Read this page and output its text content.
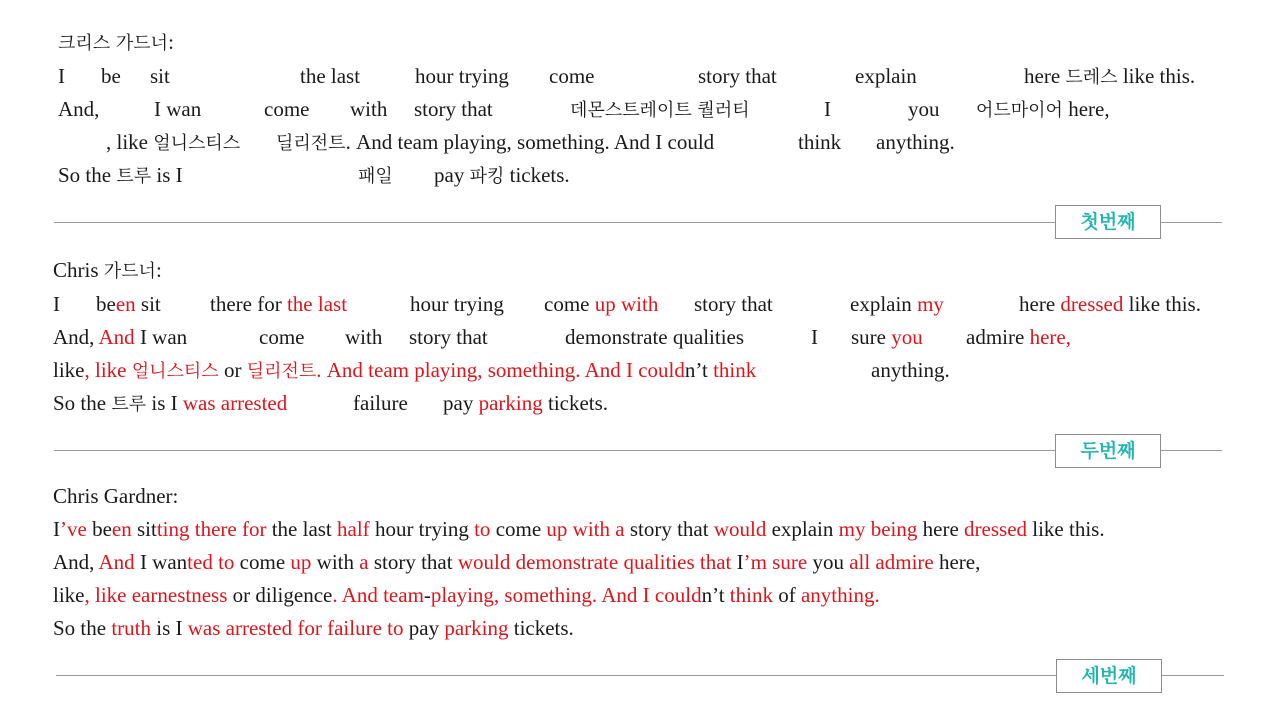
크리스 가드너:

I be sit	the last	hour trying come	story that	explain	here 드레스 like this.

And,	I wan	come with story that	데몬스트레이트 퀄러티	I	you 어드마이어 here,

, like 얼니스티스 딜리전트. And team playing, something. And I could	think anything.

So the 트루 is I	패일 pay 파킹 tickets.

첫번째

Chris 가드너:

I been sit there for the last	hour trying come up with story that	explain my	here dressed like this.

And, And I wan	come with story that	demonstrate qualities	I sure you admire here,

like, like 얼니스티스 or 딜리전트. And team playing, something. And I couldn’t think	anything.

So the 트루 is I was arrested	failure pay parking tickets.

두번째

Chris Gardner:

I’ve been sitting there for the last half hour trying to come up with a story that would explain my being here dressed like this.

And, And I wanted to come up with a story that would demonstrate qualities that I’m sure you all admire here,

like, like earnestness or diligence. And team-playing, something. And I couldn’t think of anything.

So the truth is I was arrested for failure to pay parking tickets.

세번째
